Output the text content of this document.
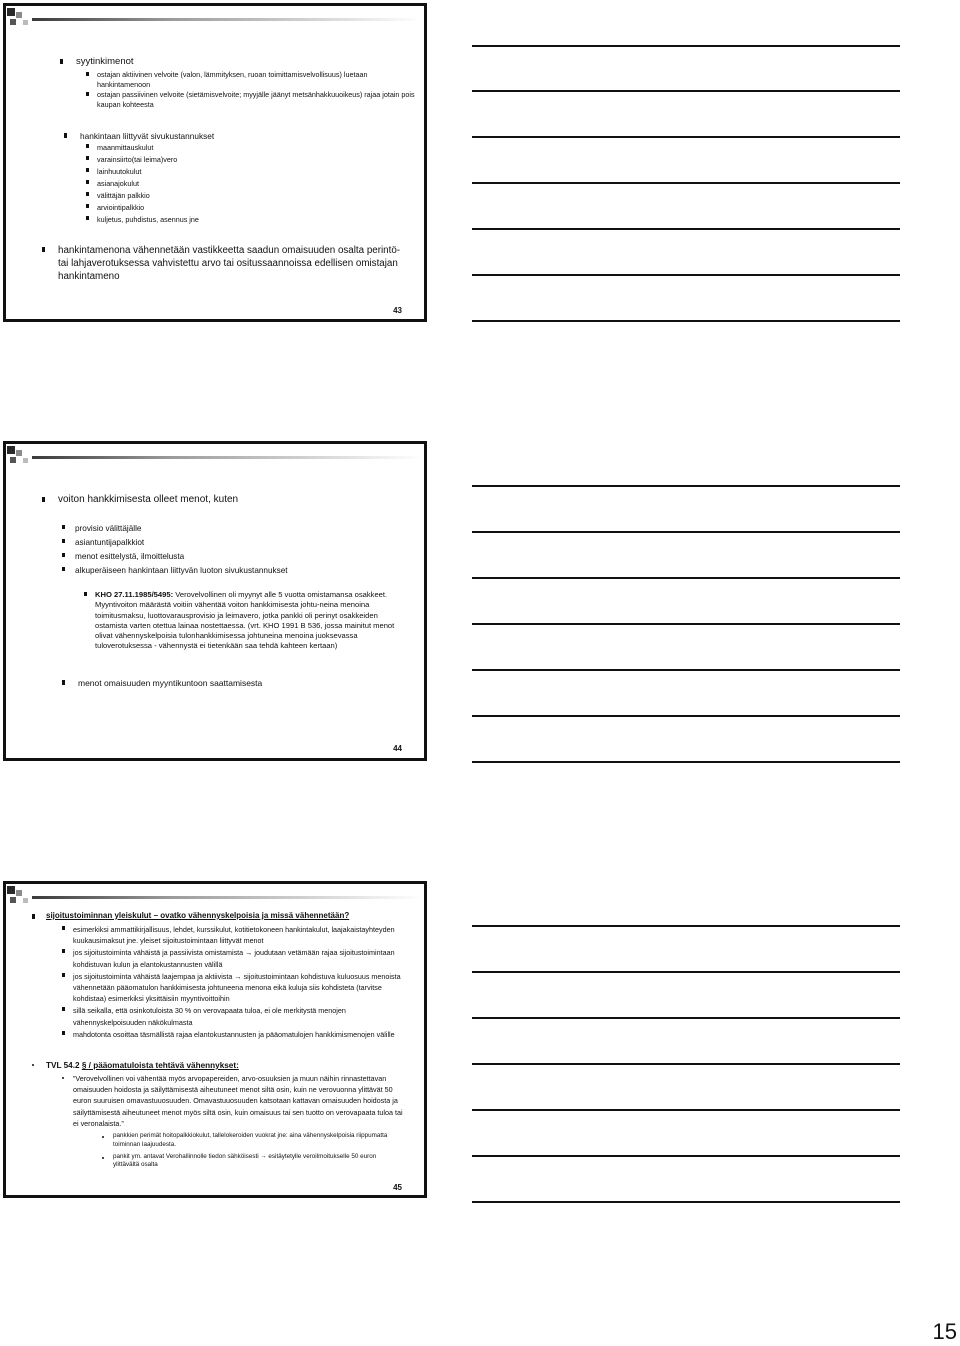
syytinkimenot
ostajan aktiivinen velvoite (valon, lämmityksen, ruoan toimittamisvelvollisuus) luetaan hankintamenoon
ostajan passiivinen velvoite (sietämisvelvoite; myyjälle jäänyt metsänhakkuuoikeus) rajaa jotain pois kaupan kohteesta
hankintaan liittyvät sivukustannukset
maanmittauskulut
varainsiirto(tai leima)vero
lainhuutokulut
asianajokulut
välittäjän palkkio
arviointipalkkio
kuljetus, puhdistus, asennus jne
hankintamenona vähennetään vastikkeetta saadun omaisuuden osalta perintö- tai lahjaverotuksessa vahvistettu arvo tai ositussaannoissa edellisen omistajan hankintameno
43
voiton hankkimisesta olleet menot, kuten
provisio välittäjälle
asiantuntijapalkkiot
menot esittelystä, ilmoittelusta
alkuperäiseen hankintaan liittyvän luoton sivukustannukset
KHO 27.11.1985/5495: Verovelvollinen oli myynyt alle 5 vuotta omistamansa osakkeet. Myyntivoiton määrästä voitiin vähentää voiton hankkimisesta johtu-neina menoina toimitusmaksu, luottovarausprovisio ja leimavero, jotka pankki oli perinyt osakkeiden ostamista varten otettua lainaa nostettaessa. (vrt. KHO 1991 B 536, jossa mainitut menot olivat vähennyskelpoisia tulonhankkimisessa johtuneina menoina juoksevassa tuloverotuksessa - vähennystä ei tietenkään saa tehdä kahteen kertaan)
menot omaisuuden myyntikuntoon saattamisesta
44
sijoitustoiminnan yleiskulut – ovatko vähennyskelpoisia ja missä vähennetään?
esimerkiksi ammattikirjallisuus, lehdet, kurssikulut, kotitietokoneen hankintakulut, laajakaistayhteyden kuukausimaksut jne. yleiset sijoitustoimintaan liittyvät menot
jos sijoitustoiminta vähäistä ja passiivista omistamista → joudutaan vetämään rajaa sijoitustoimintaan kohdistuvan kulun ja elantokustannusten välillä
jos sijoitustoiminta vähäistä laajempaa ja aktiivista → sijoitustoimintaan kohdistuva kuluosuus menoista vähennetään pääomatulon hankkimisesta johtuneena menona eikä kuluja siis kohdisteta (tarvitse kohdistaa) esimerkiksi yksittäisiin myyntivoittoihin
sillä seikalla, että osinkotuloista 30 % on verovapaata tuloa, ei ole merkitystä menojen vähennyskelpoisuuden näkökulmasta
mahdotonta osoittaa täsmällistä rajaa elantokustannusten ja pääomatulojen hankkimismenojen välille
TVL 54.2 § / pääomatuloista tehtävä vähennykset:
”Verovelvollinen voi vähentää myös arvopapereiden, arvo-osuuksien ja muun näihin rinnastettavan omaisuuden hoidosta ja säilyttämisestä aiheutuneet menot siltä osin, kuin ne verovuonna ylittävät 50 euron suuruisen omavastuuosuuden. Omavastuuosuuden katsotaan kattavan omaisuuden hoidosta ja säilyttämisestä aiheutuneet menot myös siltä osin, kuin omaisuus tai sen tuotto on verovapaata tuloa tai ei veronalaista.”
pankkien perimät hoitopalkkiokulut, tallelokeroiden vuokrat jne: aina vähennyskelpoisia riippumatta toiminnan laajuudesta.
pankit ym. antavat Verohallinnolle tiedon sähköisesti → esitäytetylle veroilmoitukselle 50 euron ylittävältä osalta
45
15
